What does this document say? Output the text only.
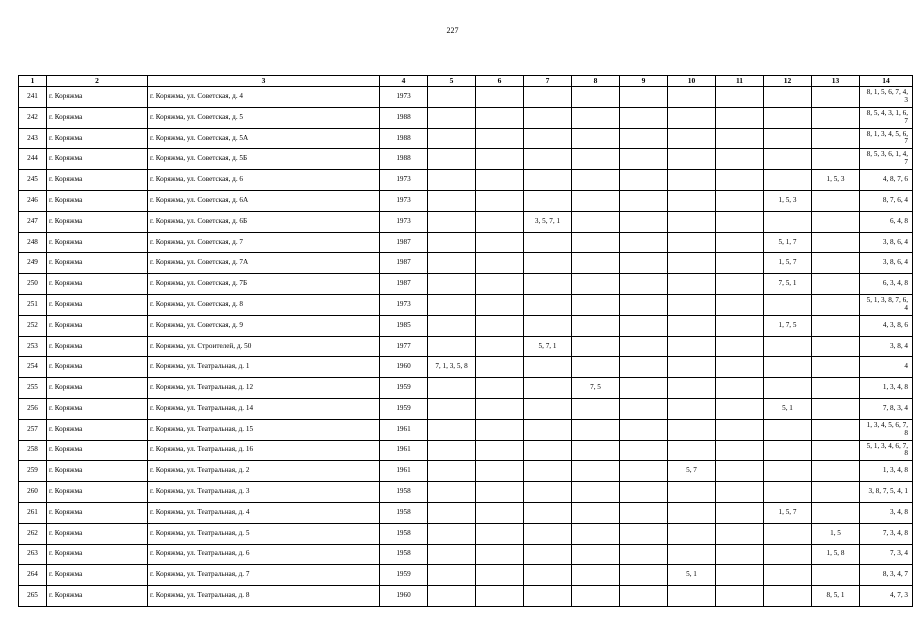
227
1	2	3	4	5	6	7	8	9	10	11	12	13	14
241	г. Коряжма	г. Коряжма, ул. Советская, д. 4	1973										8, 1, 5, 6, 7, 4, 3
242	г. Коряжма	г. Коряжма, ул. Советская, д. 5	1988										8, 5, 4, 3, 1, 6, 7
243	г. Коряжма	г. Коряжма, ул. Советская, д. 5А	1988										8, 1, 3, 4, 5, 6, 7
244	г. Коряжма	г. Коряжма, ул. Советская, д. 5Б	1988										8, 5, 3, 6, 1, 4, 7
245	г. Коряжма	г. Коряжма, ул. Советская, д. 6	1973									1, 5, 3	4, 8, 7, 6
246	г. Коряжма	г. Коряжма, ул. Советская, д. 6А	1973								1, 5, 3		8, 7, 6, 4
247	г. Коряжма	г. Коряжма, ул. Советская, д. 6Б	1973			3, 5, 7, 1							6, 4, 8
248	г. Коряжма	г. Коряжма, ул. Советская, д. 7	1987								5, 1, 7		3, 8, 6, 4
249	г. Коряжма	г. Коряжма, ул. Советская, д. 7А	1987								1, 5, 7		3, 8, 6, 4
250	г. Коряжма	г. Коряжма, ул. Советская, д. 7Б	1987								7, 5, 1		6, 3, 4, 8
251	г. Коряжма	г. Коряжма, ул. Советская, д. 8	1973										5, 1, 3, 8, 7, 6, 4
252	г. Коряжма	г. Коряжма, ул. Советская, д. 9	1985								1, 7, 5		4, 3, 8, 6
253	г. Коряжма	г. Коряжма, ул. Строителей, д. 50	1977			5, 7, 1							3, 8, 4
254	г. Коряжма	г. Коряжма, ул. Театральная, д. 1	1960	7, 1, 3, 5, 8									4
255	г. Коряжма	г. Коряжма, ул. Театральная, д. 12	1959				7, 5						1, 3, 4, 8
256	г. Коряжма	г. Коряжма, ул. Театральная, д. 14	1959								5, 1		7, 8, 3, 4
257	г. Коряжма	г. Коряжма, ул. Театральная, д. 15	1961										1, 3, 4, 5, 6, 7, 8
258	г. Коряжма	г. Коряжма, ул. Театральная, д. 16	1961										5, 1, 3, 4, 6, 7, 8
259	г. Коряжма	г. Коряжма, ул. Театральная, д. 2	1961						5, 7				1, 3, 4, 8
260	г. Коряжма	г. Коряжма, ул. Театральная, д. 3	1958										3, 8, 7, 5, 4, 1
261	г. Коряжма	г. Коряжма, ул. Театральная, д. 4	1958								1, 5, 7		3, 4, 8
262	г. Коряжма	г. Коряжма, ул. Театральная, д. 5	1958									1, 5	7, 3, 4, 8
263	г. Коряжма	г. Коряжма, ул. Театральная, д. 6	1958									1, 5, 8	7, 3, 4
264	г. Коряжма	г. Коряжма, ул. Театральная, д. 7	1959						5, 1				8, 3, 4, 7
265	г. Коряжма	г. Коряжма, ул. Театральная, д. 8	1960									8, 5, 1	4, 7, 3
